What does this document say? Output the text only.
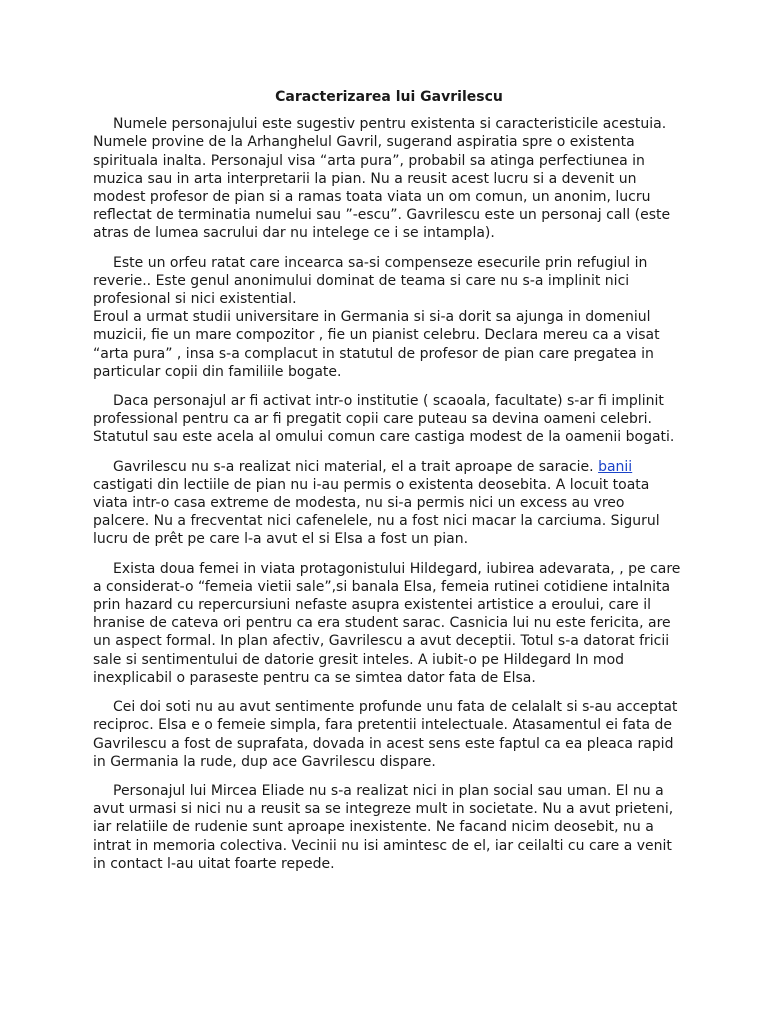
Caracterizarea lui Gavrilescu

Numele personajului este sugestiv pentru existenta si caracteristicile acestuia. Numele provine de la Arhanghelul Gavril, sugerand aspiratia spre o existenta spirituala inalta. Personajul visa “arta pura”, probabil sa atinga perfectiunea in muzica sau in arta interpretarii la pian. Nu a reusit acest lucru si a devenit un modest profesor de pian si a ramas toata viata un om comun, un anonim, lucru reflectat de terminatia numelui sau ”-escu”. Gavrilescu este un personaj call (este atras de lumea sacrului dar nu intelege ce i se intampla).

Este un orfeu ratat care incearca sa-si compenseze esecurile prin refugiul in reverie.. Este genul anonimului dominat de teama si care nu s-a implinit nici profesional si nici existential.

Eroul a urmat studii universitare in Germania si si-a dorit sa ajunga in domeniul muzicii, fie un mare compozitor , fie un pianist celebru. Declara mereu ca a visat “arta pura” , insa s-a complacut in statutul de profesor de pian care pregatea in particular copii din familiile bogate.

Daca personajul ar fi activat intr-o institutie ( scaoala, facultate) s-ar fi implinit professional pentru ca ar fi pregatit copii care puteau sa devina oameni celebri. Statutul sau este acela al omului comun care castiga modest de la oamenii bogati.

Gavrilescu nu s-a realizat nici material, el a trait aproape de saracie. banii castigati din lectiile de pian nu i-au permis o existenta deosebita. A locuit toata viata intr-o casa extreme de modesta, nu si-a permis nici un excess au vreo palcere. Nu a frecventat nici cafenelele, nu a fost nici macar la carciuma. Sigurul lucru de prêt pe care l-a avut el si Elsa a fost un pian.

Exista doua femei in viata protagonistului Hildegard, iubirea adevarata, , pe care a considerat-o “femeia vietii sale”,si banala Elsa, femeia rutinei cotidiene intalnita prin hazard cu repercursiuni nefaste asupra existentei artistice a eroului, care il hranise de cateva ori pentru ca era student sarac. Casnicia lui nu este fericita, are un aspect formal. In plan afectiv, Gavrilescu a avut deceptii. Totul s-a datorat fricii sale si sentimentului de datorie gresit inteles. A iubit-o pe Hildegard In mod inexplicabil o paraseste pentru ca se simtea dator fata de Elsa.

Cei doi soti nu au avut sentimente profunde unu fata de celalalt si s-au acceptat reciproc. Elsa e o femeie simpla, fara pretentii intelectuale. Atasamentul ei fata de Gavrilescu a fost de suprafata, dovada in acest sens este faptul ca ea pleaca rapid in Germania la rude, dup ace Gavrilescu dispare.

Personajul lui Mircea Eliade nu s-a realizat nici in plan social sau uman. El nu a avut urmasi si nici nu a reusit sa se integreze mult in societate. Nu a avut prieteni, iar relatiile de rudenie sunt aproape inexistente. Ne facand nicim deosebit, nu a intrat in memoria colectiva. Vecinii nu isi amintesc de el, iar ceilalti cu care a venit in contact l-au uitat foarte repede.
